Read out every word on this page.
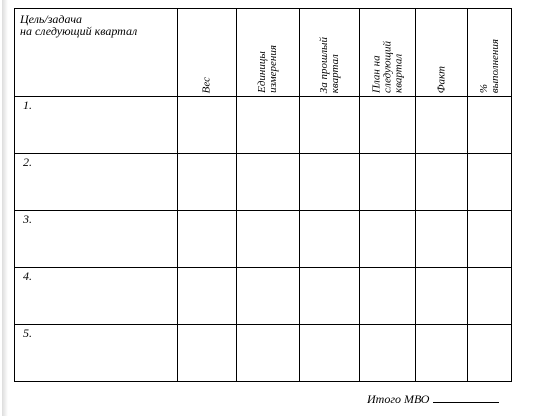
Цель/задача
на следующий квартал	Вес	Единицы измерения	За прошлый квартал	План на следующий квартал	Факт	% выполнения

1.						
2.						
3.						
4.						
5.						
Итого МВО
